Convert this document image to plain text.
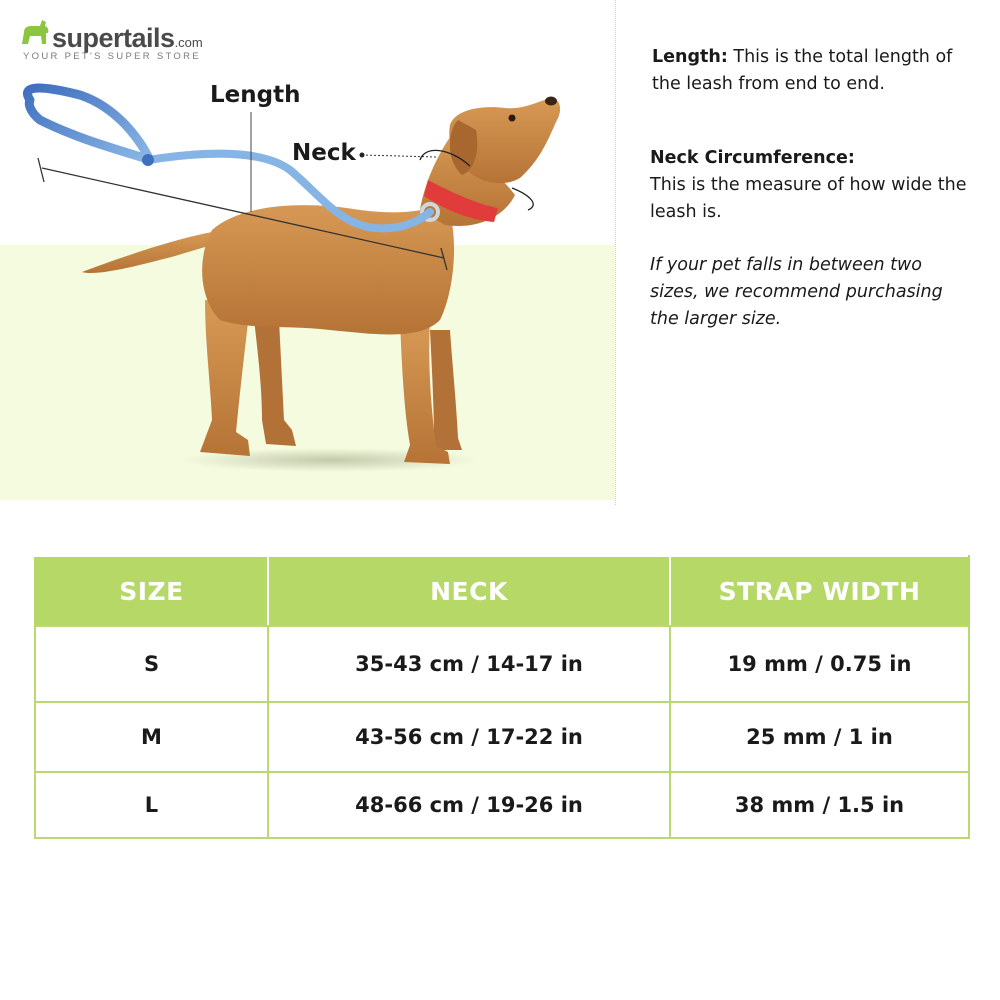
supertails.com
YOUR PET'S SUPER STORE
Length
Neck

Length: This is the total length of the leash from end to end.

Neck Circumference:
This is the measure of how wide the leash is.

If your pet falls in between two sizes, we recommend purchasing the larger size.

SIZE	NECK	STRAP WIDTH
S	35-43 cm / 14-17 in	19 mm / 0.75 in
M	43-56 cm / 17-22 in	25 mm / 1 in
L	48-66 cm / 19-26 in	38 mm / 1.5 in
